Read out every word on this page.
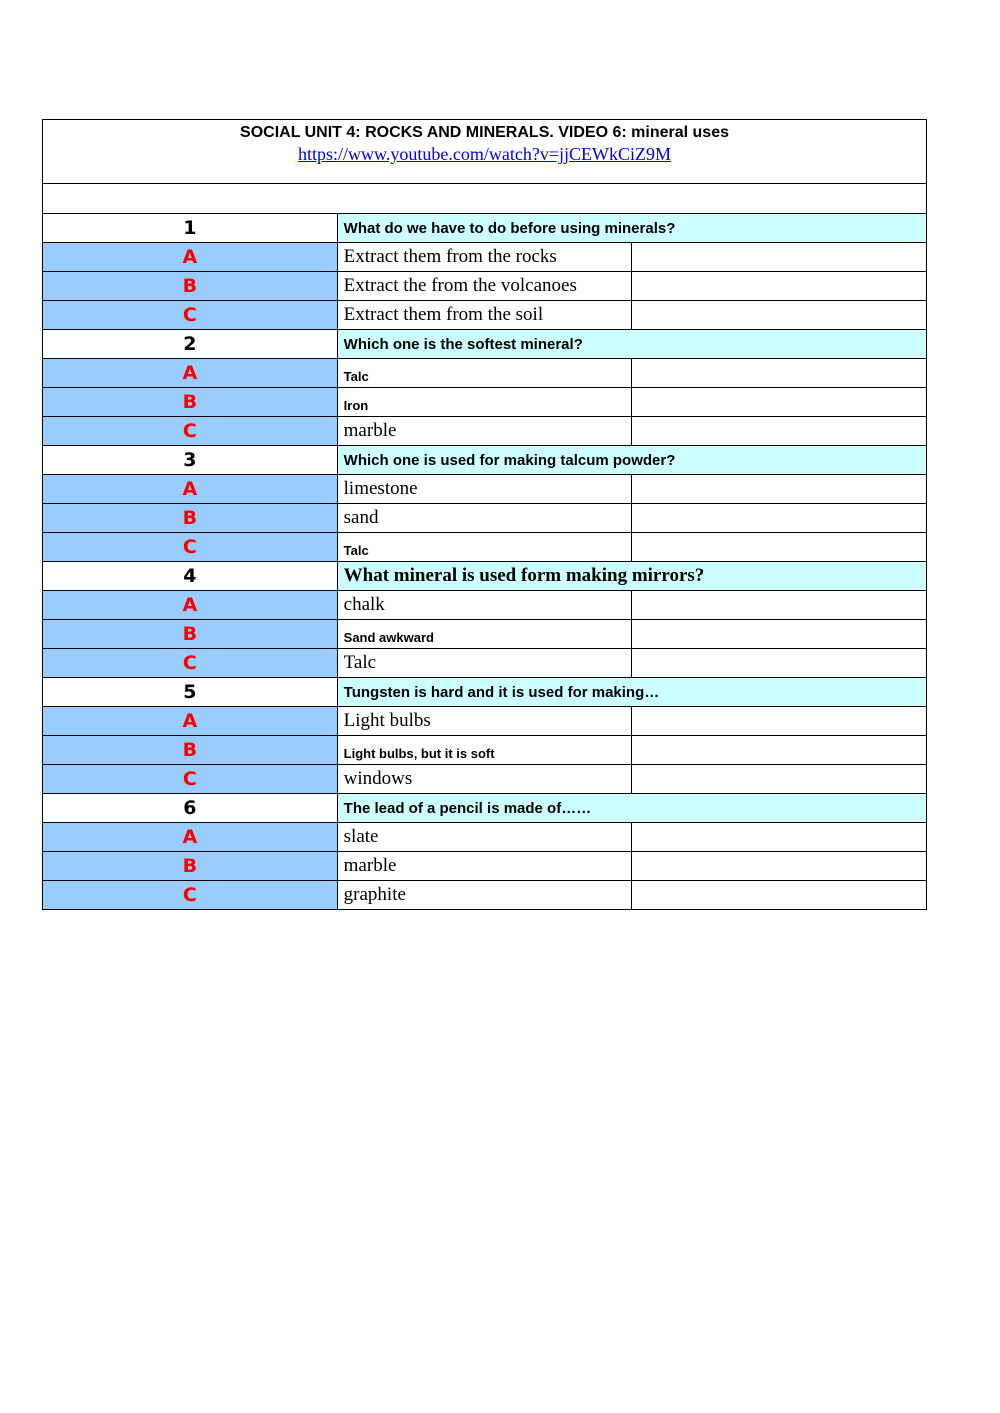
SOCIAL UNIT 4: ROCKS AND MINERALS. VIDEO 6: mineral uses
https://www.youtube.com/watch?v=jjCEWkCiZ9M		

1	What do we have to do before using minerals?	
A	Extract them from the rocks	
B	Extract the from the volcanoes	
C	Extract them from the soil	
2	Which one is the softest mineral?	
A	Talc	
B	Iron	
C	marble	
3	Which one is used for making talcum powder?	
A	limestone	
B	sand	
C	Talc	
4	What mineral is used form making mirrors?	
A	chalk	
B	Sand awkward	
C	Talc	
5	Tungsten is hard and it is used for making…	
A	Light bulbs	
B	Light bulbs, but it is soft	
C	windows	
6	The lead of a pencil is made of……	
A	slate	
B	marble	
C	graphite	
